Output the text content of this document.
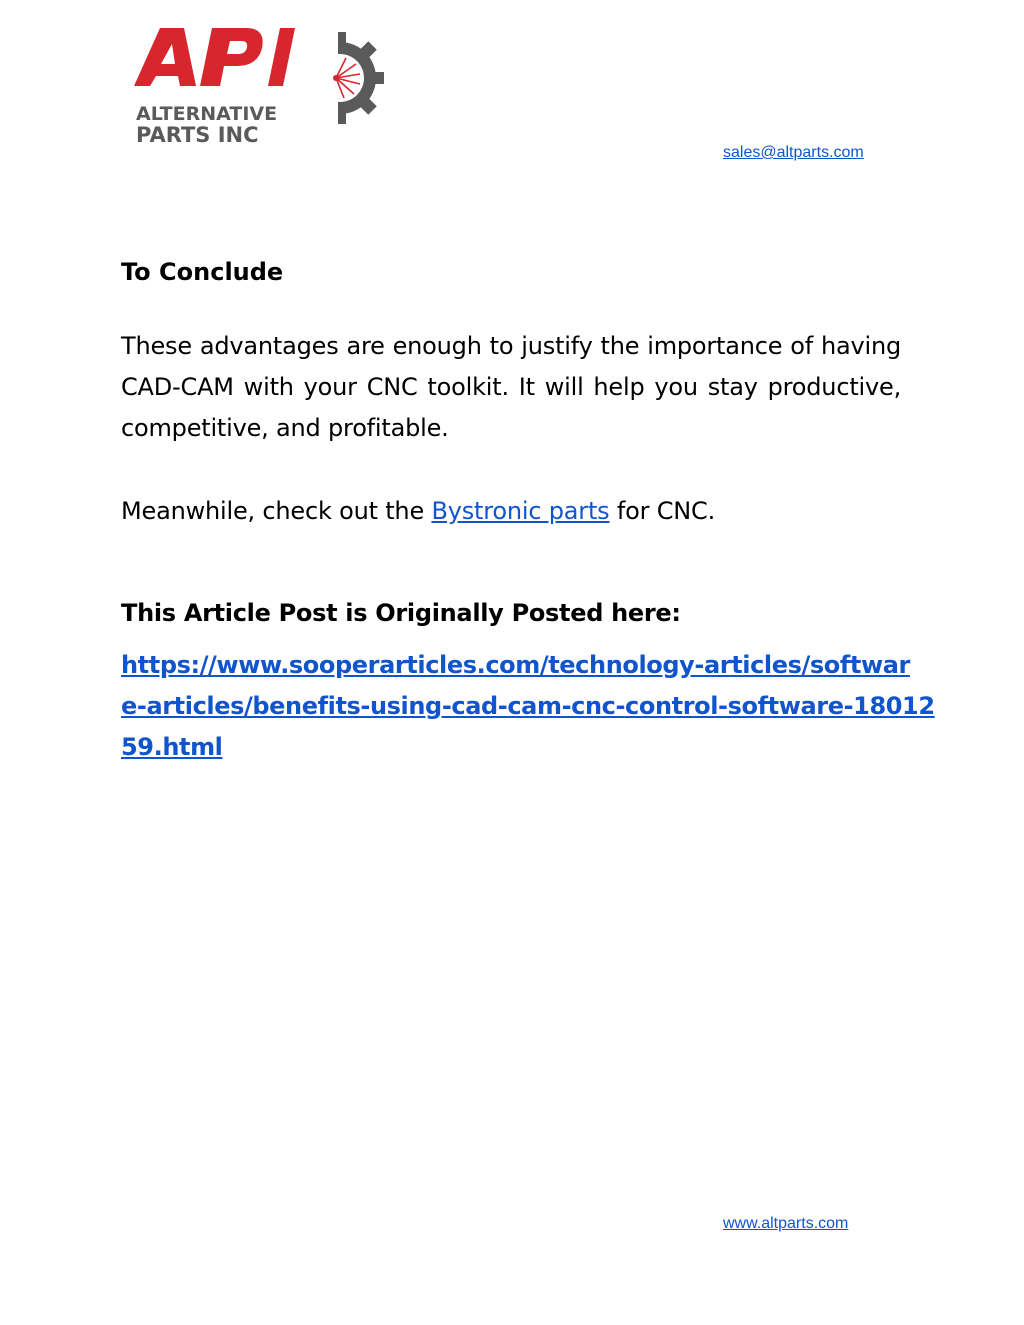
ALTERNATIVE
PARTS INC
sales@altparts.com
To Conclude

These advantages are enough to justify the importance of having CAD-CAM with your CNC toolkit. It will help you stay productive, competitive, and profitable.

Meanwhile, check out the Bystronic parts for CNC.

This Article Post is Originally Posted here:
https://www.sooperarticles.com/technology-articles/softwar
e-articles/benefits-using-cad-cam-cnc-control-software-18012
59.html
www.altparts.com
